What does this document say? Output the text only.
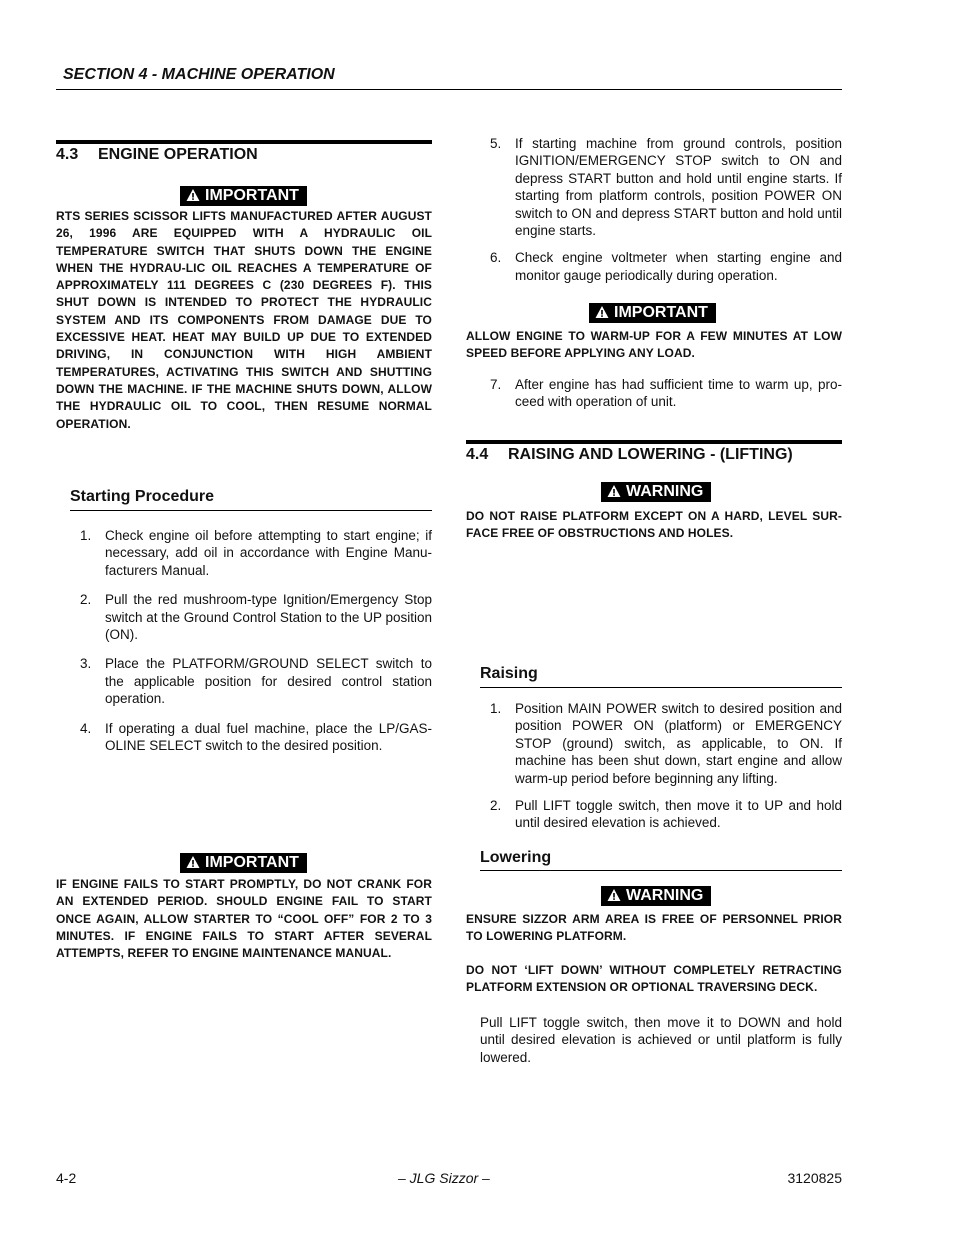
SECTION 4 - MACHINE OPERATION
4.3 ENGINE OPERATION
IMPORTANT
RTS SERIES SCISSOR LIFTS MANUFACTURED AFTER AUGUST 26, 1996 ARE EQUIPPED WITH A HYDRAULIC OIL TEMPERATURE SWITCH THAT SHUTS DOWN THE ENGINE WHEN THE HYDRAU-LIC OIL REACHES A TEMPERATURE OF APPROXIMATELY 111 DEGREES C (230 DEGREES F). THIS SHUT DOWN IS INTENDED TO PROTECT THE HYDRAULIC SYSTEM AND ITS COMPONENTS FROM DAMAGE DUE TO EXCESSIVE HEAT. HEAT MAY BUILD UP DUE TO EXTENDED DRIVING, IN CONJUNCTION WITH HIGH AMBIENT TEMPERATURES, ACTIVATING THIS SWITCH AND SHUTTING DOWN THE MACHINE. IF THE MACHINE SHUTS DOWN, ALLOW THE HYDRAULIC OIL TO COOL, THEN RESUME NORMAL OPERATION.
Starting Procedure
1.	Check engine oil before attempting to start engine; if necessary, add oil in accordance with Engine Manu-facturers Manual.
2.	Pull the red mushroom-type Ignition/Emergency Stop switch at the Ground Control Station to the UP position (ON).
3.	Place the PLATFORM/GROUND SELECT switch to the applicable position for desired control station operation.
4.	If operating a dual fuel machine, place the LP/GAS-OLINE SELECT switch to the desired position.
IMPORTANT
IF ENGINE FAILS TO START PROMPTLY, DO NOT CRANK FOR AN EXTENDED PERIOD. SHOULD ENGINE FAIL TO START ONCE AGAIN, ALLOW STARTER TO “COOL OFF” FOR 2 TO 3 MINUTES. IF ENGINE FAILS TO START AFTER SEVERAL ATTEMPTS, REFER TO ENGINE MAINTENANCE MANUAL.
5.	If starting machine from ground controls, position IGNITION/EMERGENCY STOP switch to ON and depress START button and hold until engine starts. If starting from platform controls, position POWER ON switch to ON and depress START button and hold until engine starts.
6.	Check engine voltmeter when starting engine and monitor gauge periodically during operation.
IMPORTANT
ALLOW ENGINE TO WARM-UP FOR A FEW MINUTES AT LOW SPEED BEFORE APPLYING ANY LOAD.
7.	After engine has had sufficient time to warm up, pro-ceed with operation of unit.
4.4 RAISING AND LOWERING - (LIFTING)
WARNING
DO NOT RAISE PLATFORM EXCEPT ON A HARD, LEVEL SUR-FACE FREE OF OBSTRUCTIONS AND HOLES.
Raising
1.	Position MAIN POWER switch to desired position and position POWER ON (platform) or EMERGENCY STOP (ground) switch, as applicable, to ON. If machine has been shut down, start engine and allow warm-up period before beginning any lifting.
2.	Pull LIFT toggle switch, then move it to UP and hold until desired elevation is achieved.
Lowering
WARNING
ENSURE SIZZOR ARM AREA IS FREE OF PERSONNEL PRIOR TO LOWERING PLATFORM.
DO NOT ‘LIFT DOWN’ WITHOUT COMPLETELY RETRACTING PLATFORM EXTENSION OR OPTIONAL TRAVERSING DECK.
Pull LIFT toggle switch, then move it to DOWN and hold until desired elevation is achieved or until platform is fully lowered.
4-2	– JLG Sizzor –	3120825
